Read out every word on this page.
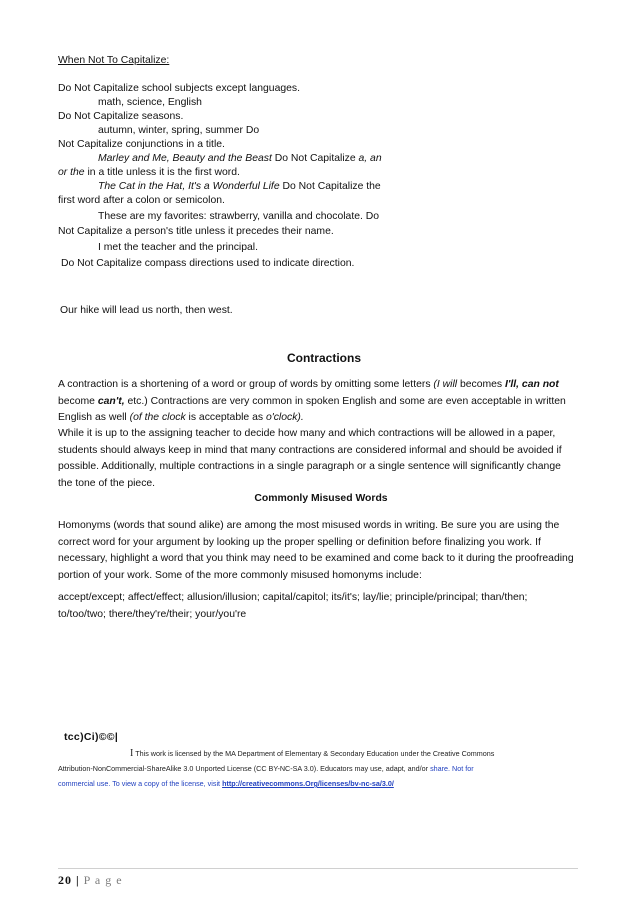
When Not To Capitalize:
Do Not Capitalize school subjects except languages.
math, science, English
Do Not Capitalize seasons.
autumn, winter, spring, summer Do
Not Capitalize conjunctions in a title.
Marley and Me, Beauty and the Beast Do Not Capitalize a, an
or the in a title unless it is the first word.
The Cat in the Hat, It's a Wonderful Life Do Not Capitalize the
first word after a colon or semicolon.
These are my favorites: strawberry, vanilla and chocolate. Do
Not Capitalize a person's title unless it precedes their name.
I met the teacher and the principal.
Do Not Capitalize compass directions used to indicate direction.
Our hike will lead us north, then west.
Contractions
A contraction is a shortening of a word or group of words by omitting some letters (I will becomes I'll, can not become can't, etc.) Contractions are very common in spoken English and some are even acceptable in written English as well (of the clock is acceptable as o'clock).
While it is up to the assigning teacher to decide how many and which contractions will be allowed in a paper, students should always keep in mind that many contractions are considered informal and should be avoided if possible. Additionally, multiple contractions in a single paragraph or a single sentence will significantly change the tone of the piece.
Commonly Misused Words
Homonyms (words that sound alike) are among the most misused words in writing. Be sure you are using the correct word for your argument by looking up the proper spelling or definition before finalizing you work. If necessary, highlight a word that you think may need to be examined and come back to it during the proofreading portion of your work. Some of the more commonly misused homonyms include:
accept/except; affect/effect; allusion/illusion; capital/capitol; its/it's; lay/lie; principle/principal; than/then; to/too/two; there/they're/their; your/you're
tcc)Ci)©©|
I This work is licensed by the MA Department of Elementary & Secondary Education under the Creative Commons
Attribution-NonCommercial-ShareAlike 3.0 Unported License (CC BY-NC-SA 3.0). Educators may use, adapt, and/or share. Not for
commercial use. To view a copy of the license, visit http://creativecommons.Org/licenses/bv-nc-sa/3.0/
20 | P a g e
